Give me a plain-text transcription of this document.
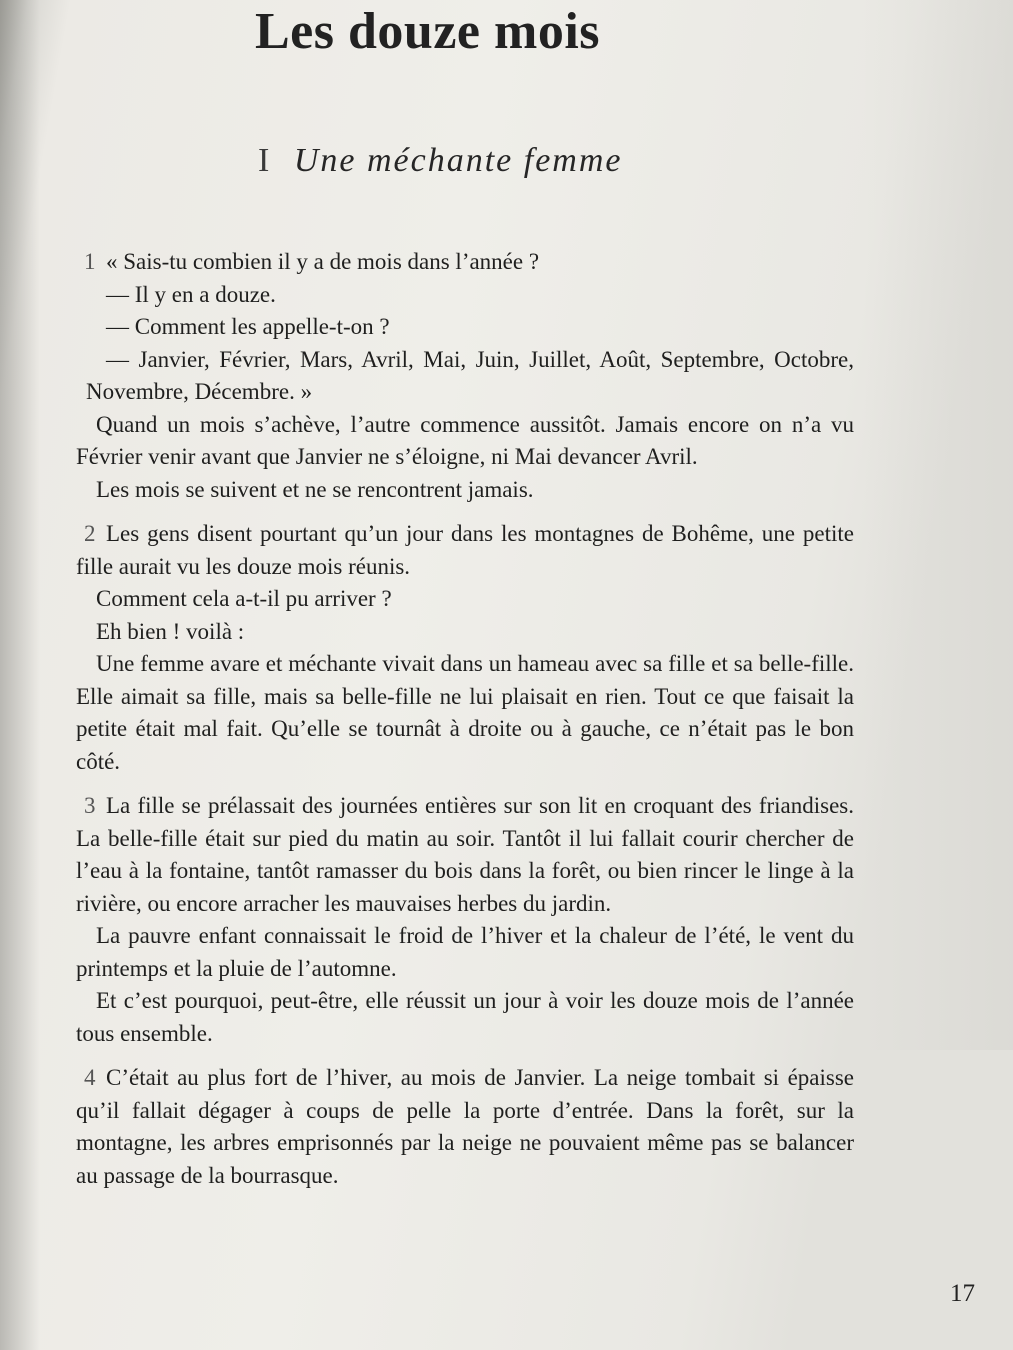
Les douze mois
I Une méchante femme

1 « Sais-tu combien il y a de mois dans l’année ?

— Il y en a douze.

— Comment les appelle-t-on ?

— Janvier, Février, Mars, Avril, Mai, Juin, Juillet, Août, Septembre, Octobre, Novembre, Décembre. »

Quand un mois s’achève, l’autre commence aussitôt. Jamais encore on n’a vu Février venir avant que Janvier ne s’éloigne, ni Mai devancer Avril.

Les mois se suivent et ne se rencontrent jamais.

2 Les gens disent pourtant qu’un jour dans les montagnes de Bohême, une petite fille aurait vu les douze mois réunis.

Comment cela a-t-il pu arriver ?

Eh bien ! voilà :

Une femme avare et méchante vivait dans un hameau avec sa fille et sa belle-fille. Elle aimait sa fille, mais sa belle-fille ne lui plaisait en rien. Tout ce que faisait la petite était mal fait. Qu’elle se tournât à droite ou à gauche, ce n’était pas le bon côté.

3 La fille se prélassait des journées entières sur son lit en croquant des friandises. La belle-fille était sur pied du matin au soir. Tantôt il lui fallait courir chercher de l’eau à la fontaine, tantôt ramasser du bois dans la forêt, ou bien rincer le linge à la rivière, ou encore arracher les mauvaises herbes du jardin.

La pauvre enfant connaissait le froid de l’hiver et la chaleur de l’été, le vent du printemps et la pluie de l’automne.

Et c’est pourquoi, peut-être, elle réussit un jour à voir les douze mois de l’année tous ensemble.

4 C’était au plus fort de l’hiver, au mois de Janvier. La neige tombait si épaisse qu’il fallait dégager à coups de pelle la porte d’entrée. Dans la forêt, sur la montagne, les arbres emprisonnés par la neige ne pouvaient même pas se balancer au passage de la bourrasque.

17
